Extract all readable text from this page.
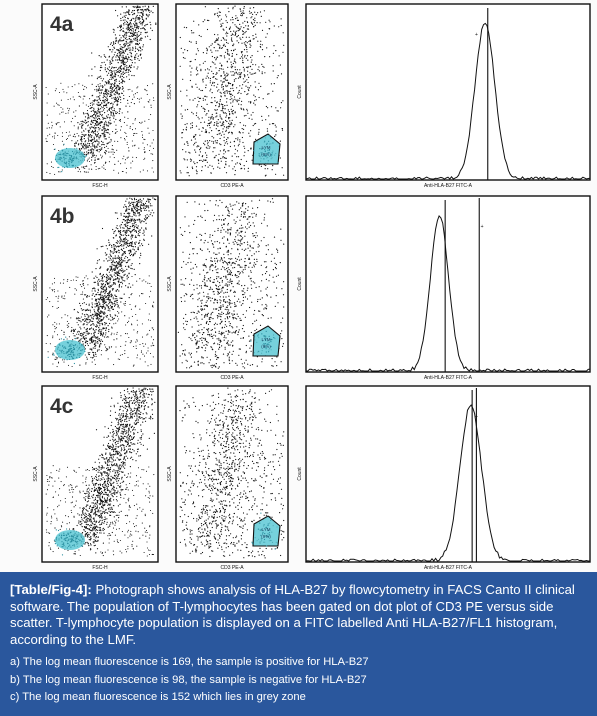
FSC-H
SSC-A
4a
LYM
(9%)
CD3 PE-A
SSC-A
+
Anti-HLA-B27 FITC-A
Count
FSC-H
SSC-A
4b
LYM
(9%)
CD3 PE-A
SSC-A
+
Anti-HLA-B27 FITC-A
Count
FSC-H
SSC-A
4c
LYM
(9%)
CD3 PE-A
SSC-A
+
Anti-HLA-B27 FITC-A
Count

[Table/Fig-4]: Photograph shows analysis of HLA-B27 by flowcytometry in FACS Canto II clinical software. The population of T-lymphocytes has been gated on dot plot of CD3 PE versus side scatter. T-lymphocyte population is displayed on a FITC labelled Anti HLA-B27/FL1 histogram, according to the LMF.

a) The log mean fluorescence is 169, the sample is positive for HLA-B27

b) The log mean fluorescence is 98, the sample is negative for HLA-B27

c) The log mean fluorescence is 152 which lies in grey zone
